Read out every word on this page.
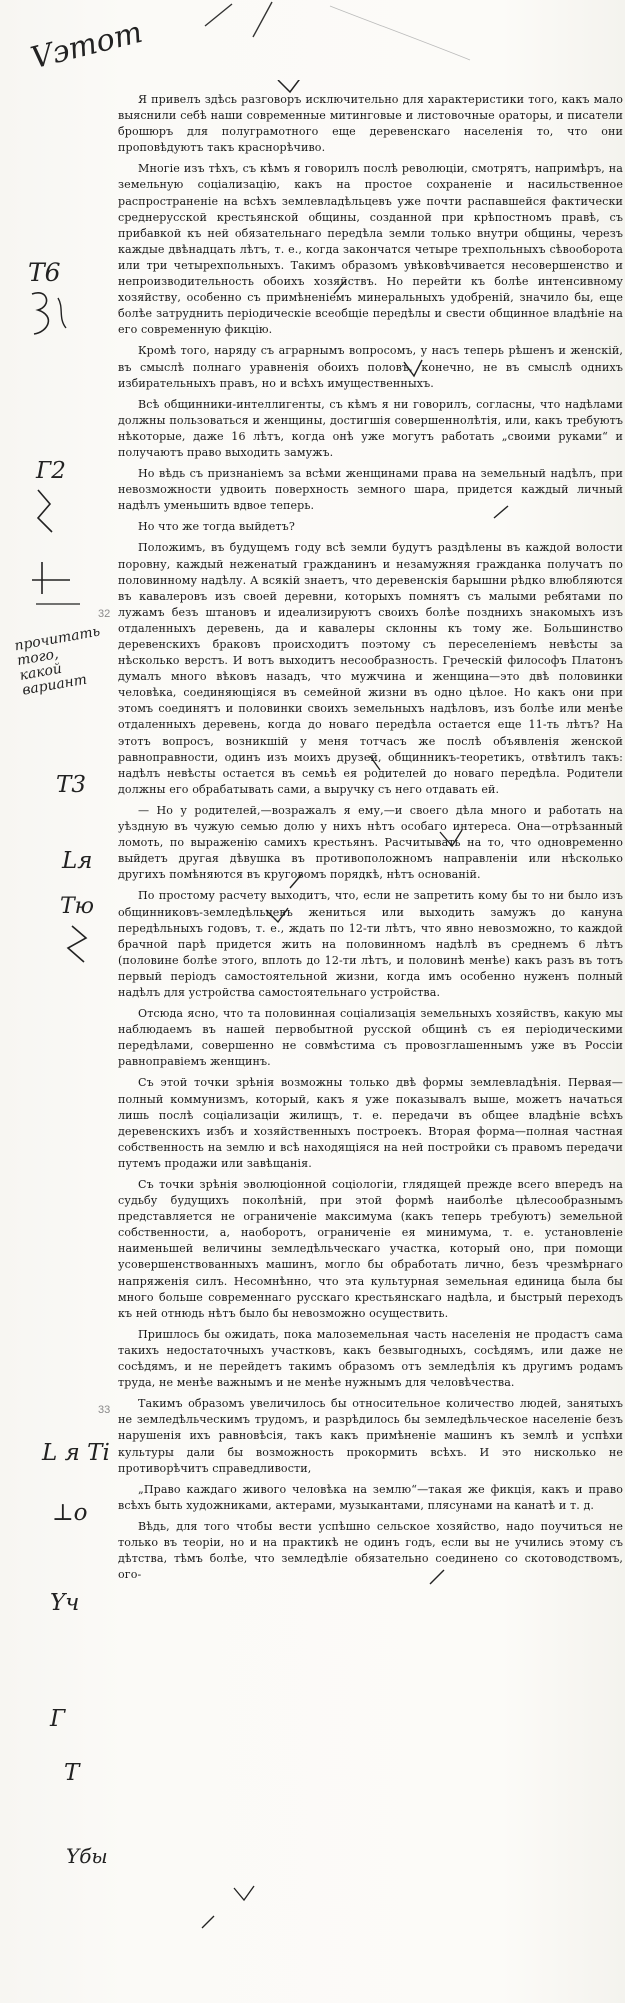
Vэтот
T6
Г2
32
прочитать того, какой вариант
T3
Lя
Tю
33
L я Ti
⊥o
Yч
Г
T
Yбы

Я привелъ здѣсь разговоръ исключительно для характеристики того, какъ мало выяснили себѣ наши современные митинговые и листовочные ораторы, и писатели брошюръ для полуграмотного еще деревенскаго населенія то, что они проповѣдуютъ такъ краснорѣчиво.

Многіе изъ тѣхъ, съ кѣмъ я говорилъ послѣ революціи, смотрятъ, напримѣръ, на земельную соціализацію, какъ на простое сохраненіе и насильственное распространеніе на всѣхъ землевладѣльцевъ уже почти распавшейся фактически среднерусской крестьянской общины, созданной при крѣпостномъ правѣ, съ прибавкой къ ней обязательнаго передѣла земли только внутри общины, черезъ каждые двѣнадцать лѣтъ, т. е., когда закончатся четыре трехпольныхъ сѣвооборота или три четырехпольныхъ. Такимъ образомъ увѣковѣчивается несовершенство и непроизводительность обоихъ хозяйствъ. Но перейти къ болѣе интенсивному хозяйству, особенно съ примѣненіемъ минеральныхъ удобреній, значило бы, еще болѣе затруднить періодическіе всеобщіе передѣлы и свести общинное владѣніе на его современную фикцію.

Кромѣ того, наряду съ аграрнымъ вопросомъ, у насъ теперь рѣшенъ и женскій, въ смыслѣ полнаго уравненія обоихъ половъ, конечно, не въ смыслѣ однихъ избирательныхъ правъ, но и всѣхъ имущественныхъ.

Всѣ общинники-интеллигенты, съ кѣмъ я ни говорилъ, согласны, что надѣлами должны пользоваться и женщины, достигшія совершеннолѣтія, или, какъ требуютъ нѣкоторые, даже 16 лѣтъ, когда онѣ уже могутъ работать „своими руками“ и получаютъ право выходить замужъ.

Но вѣдь съ признаніемъ за всѣми женщинами права на земельный надѣлъ, при невозможности удвоить поверхность земного шара, придется каждый личный надѣлъ уменьшить вдвое теперь.

Но что же тогда выйдетъ?

Положимъ, въ будущемъ году всѣ земли будутъ раздѣлены въ каждой волости поровну, каждый неженатый гражданинъ и незамужняя гражданка получатъ по половинному надѣлу. А всякій знаетъ, что деревенскія барышни рѣдко влюбляются въ кавалеровъ изъ своей деревни, которыхъ помнятъ съ малыми ребятами по лужамъ безъ штановъ и идеализируютъ своихъ болѣе позднихъ знакомыхъ изъ отдаленныхъ деревень, да и кавалеры склонны къ тому же. Большинство деревенскихъ браковъ происходитъ поэтому съ переселеніемъ невѣсты за нѣсколько верстъ. И вотъ выходитъ несообразность. Греческій философъ Платонъ думалъ много вѣковъ назадъ, что мужчина и женщина—это двѣ половинки человѣка, соединяющіяся въ семейной жизни въ одно цѣлое. Но какъ они при этомъ соединятъ и половинки своихъ земельныхъ надѣловъ, изъ болѣе или менѣе отдаленныхъ деревень, когда до новаго передѣла остается еще 11-ть лѣтъ? На этотъ вопросъ, возникшій у меня тотчасъ же послѣ объявленія женской равноправности, одинъ изъ моихъ друзей, общинникъ-теоретикъ, отвѣтилъ такъ: надѣлъ невѣсты остается въ семьѣ ея родителей до новаго передѣла. Родители должны его обрабатывать сами, а выручку съ него отдавать ей.

— Но у родителей,—возражалъ я ему,—и своего дѣла много и работать на уѣздную въ чужую семью долю у нихъ нѣтъ особаго интереса. Она—отрѣзанный ломоть, по выраженію самихъ крестьянъ. Расчитывать на то, что одновременно выйдетъ другая дѣвушка въ противоположномъ направленіи или нѣсколько другихъ помѣняются въ круговомъ порядкѣ, нѣтъ основаній.

По простому расчету выходитъ, что, если не запретить кому бы то ни было изъ общинниковъ-земледѣльцевъ жениться или выходить замужъ до канунa передѣльныхъ годовъ, т. е., ждать по 12-ти лѣтъ, что явно невозможно, то каждой брачной парѣ придется жить на половинномъ надѣлѣ въ среднемъ 6 лѣтъ (половине болѣе этого, вплоть до 12-ти лѣтъ, и половинѣ менѣе) какъ разъ въ тотъ первый періодъ самостоятельной жизни, когда имъ особенно нуженъ полный надѣлъ для устройства самостоятельнаго устройства.

Отсюда ясно, что та половинная соціализація земельныхъ хозяйствъ, какую мы наблюдаемъ въ нашей первобытной русской общинѣ съ ея періодическими передѣлами, совершенно не совмѣстима съ провозглашеннымъ уже въ Россіи равноправіемъ женщинъ.

Съ этой точки зрѣнія возможны только двѣ формы землевладѣнія. Первая—полный коммунизмъ, который, какъ я уже показывалъ выше, можетъ начаться лишь послѣ соціализаціи жилищъ, т. е. передачи въ общее владѣніе всѣхъ деревенскихъ избъ и хозяйственныхъ построекъ. Вторая форма—полная частная собственность на землю и всѣ находящіяся на ней постройки съ правомъ передачи путемъ продажи или завѣщанія.

Съ точки зрѣнія эволюціонной соціологіи, глядящей прежде всего впередъ на судьбу будущихъ поколѣній, при этой формѣ наиболѣе цѣлесообразнымъ представляется не ограниченіе максимума (какъ теперь требуютъ) земельной собственности, а, наоборотъ, ограниченіе ея минимума, т. е. установленіе наименьшей величины земледѣльческаго участка, который оно, при помощи усовершенствованныхъ машинъ, могло бы обработать лично, безъ чрезмѣрнаго напряженія силъ. Несомнѣнно, что эта культурная земельная единица была бы много больше современнаго русскаго крестьянскаго надѣла, и быстрый переходъ къ ней отнюдь нѣтъ было бы невозможно осуществить.

Пришлось бы ожидать, пока малоземельная часть населенія не продастъ сама такихъ недостаточныхъ участковъ, какъ безвыгодныхъ, сосѣдямъ, или даже не сосѣдямъ, и не перейдетъ такимъ образомъ отъ земледѣлія къ другимъ родамъ труда, не менѣе важнымъ и не менѣе нужнымъ для человѣчества.

Такимъ образомъ увеличилось бы относительное количество людей, занятыхъ не земледѣльческимъ трудомъ, и разрѣдилось бы земледѣльческое населеніе безъ нарушенія ихъ равновѣсія, такъ какъ примѣненіе машинъ къ землѣ и успѣхи культуры дали бы возможность прокормить всѣхъ. И это нисколько не противорѣчитъ справедливости,

„Право каждаго живого человѣка на землю“—такая же фикція, какъ и право всѣхъ быть художниками, актерами, музыкантами, плясунами на канатѣ и т. д.

Вѣдь, для того чтобы вести успѣшно сельское хозяйство, надо поучиться не только въ теоріи, но и на практикѣ не одинъ годъ, если вы не учились этому съ дѣтства, тѣмъ болѣе, что земледѣліе обязательно соединено со скотоводствомъ, ого-
